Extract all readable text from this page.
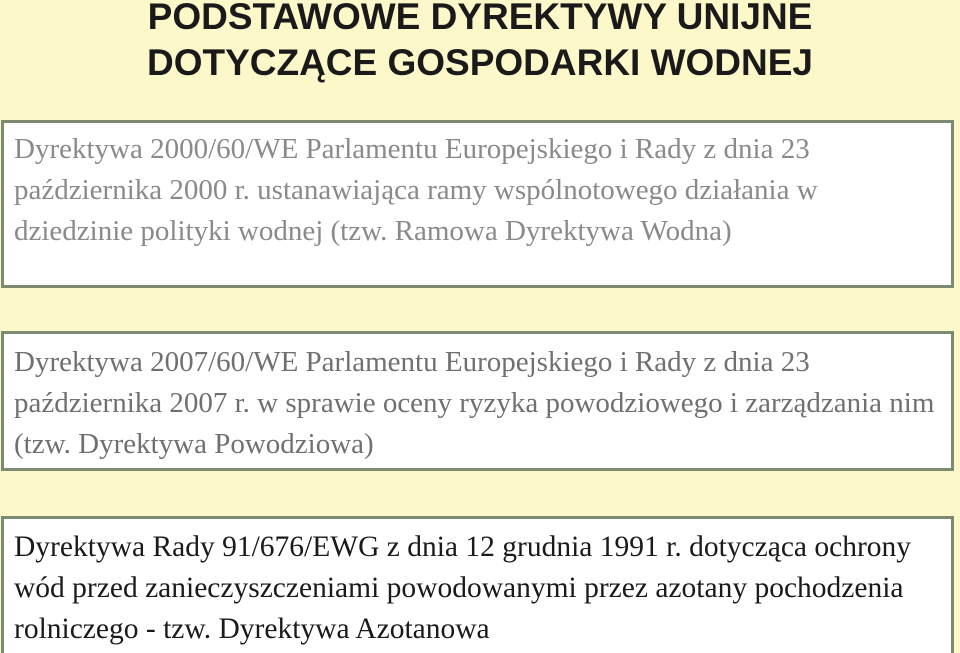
PODSTAWOWE DYREKTYWY UNIJNE
DOTYCZĄCE GOSPODARKI WODNEJ

Dyrektywa 2000/60/WE Parlamentu Europejskiego i Rady z dnia 23 października 2000 r. ustanawiająca ramy wspólnotowego działania w dziedzinie polityki wodnej (tzw. Ramowa Dyrektywa Wodna)

Dyrektywa 2007/60/WE Parlamentu Europejskiego i Rady z dnia 23 października 2007 r. w sprawie oceny ryzyka powodziowego i zarządzania nim (tzw. Dyrektywa Powodziowa)

Dyrektywa Rady 91/676/EWG z dnia 12 grudnia 1991 r. dotycząca ochrony wód przed zanieczyszczeniami powodowanymi przez azotany pochodzenia rolniczego - tzw. Dyrektywa Azotanowa
